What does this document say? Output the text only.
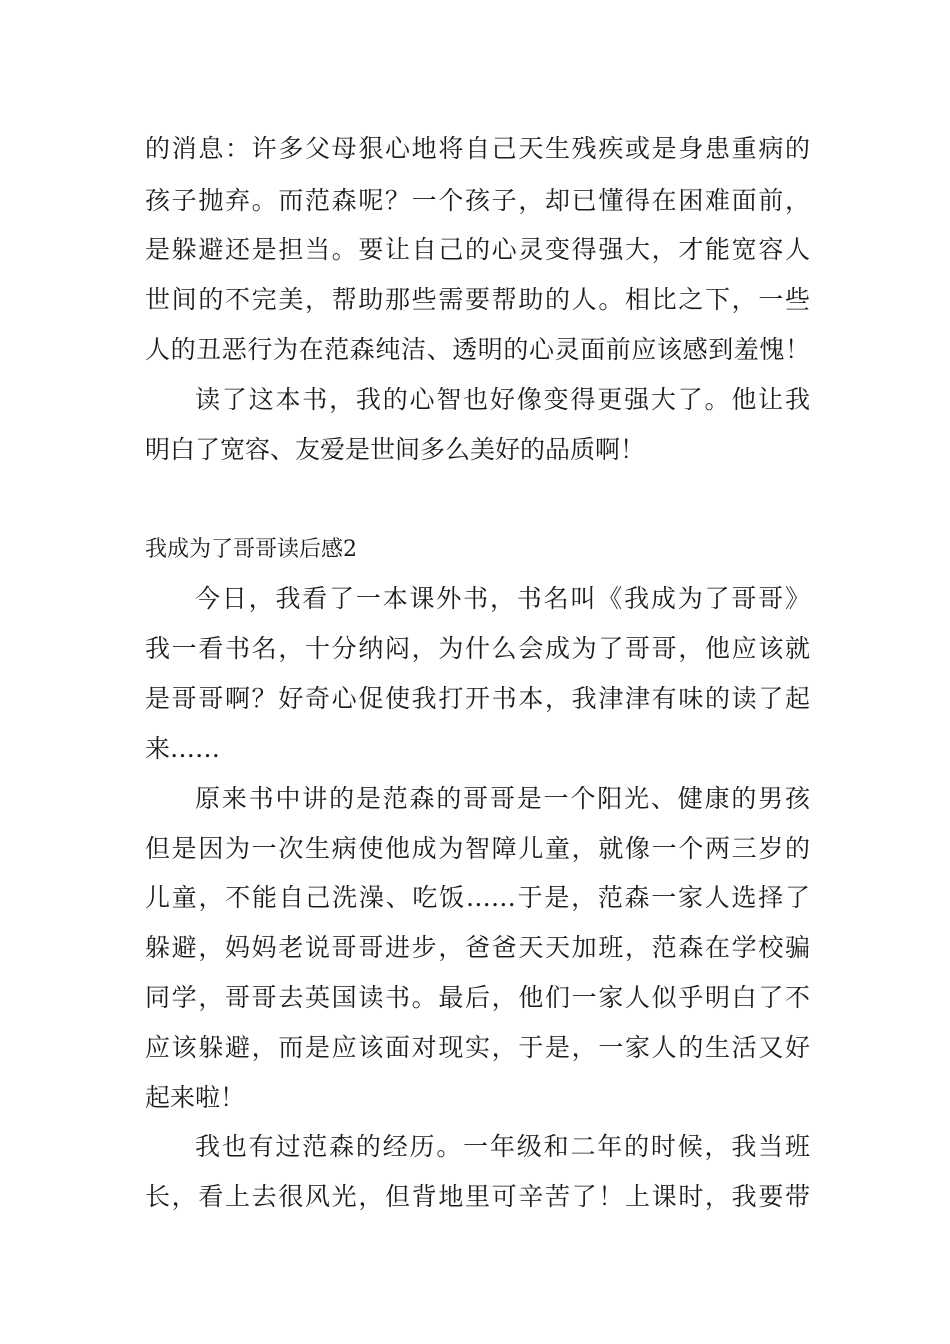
的消息：许多父母狠心地将自己天生残疾或是身患重病的
孩子抛弃。而范森呢？一个孩子，却已懂得在困难面前，
是躲避还是担当。要让自己的心灵变得强大，才能宽容人
世间的不完美，帮助那些需要帮助的人。相比之下，一些
人的丑恶行为在范森纯洁、透明的心灵面前应该感到羞愧！
读了这本书，我的心智也好像变得更强大了。他让我
明白了宽容、友爱是世间多么美好的品质啊！
我成为了哥哥读后感2
今日，我看了一本课外书，书名叫《我成为了哥哥》
我一看书名，十分纳闷，为什么会成为了哥哥，他应该就
是哥哥啊？好奇心促使我打开书本，我津津有味的读了起
来……
原来书中讲的是范森的哥哥是一个阳光、健康的男孩
但是因为一次生病使他成为智障儿童，就像一个两三岁的
儿童，不能自己洗澡、吃饭……于是，范森一家人选择了
躲避，妈妈老说哥哥进步，爸爸天天加班，范森在学校骗
同学，哥哥去英国读书。最后，他们一家人似乎明白了不
应该躲避，而是应该面对现实，于是，一家人的生活又好
起来啦！
我也有过范森的经历。一年级和二年的时候，我当班
长，看上去很风光，但背地里可辛苦了！上课时，我要带
